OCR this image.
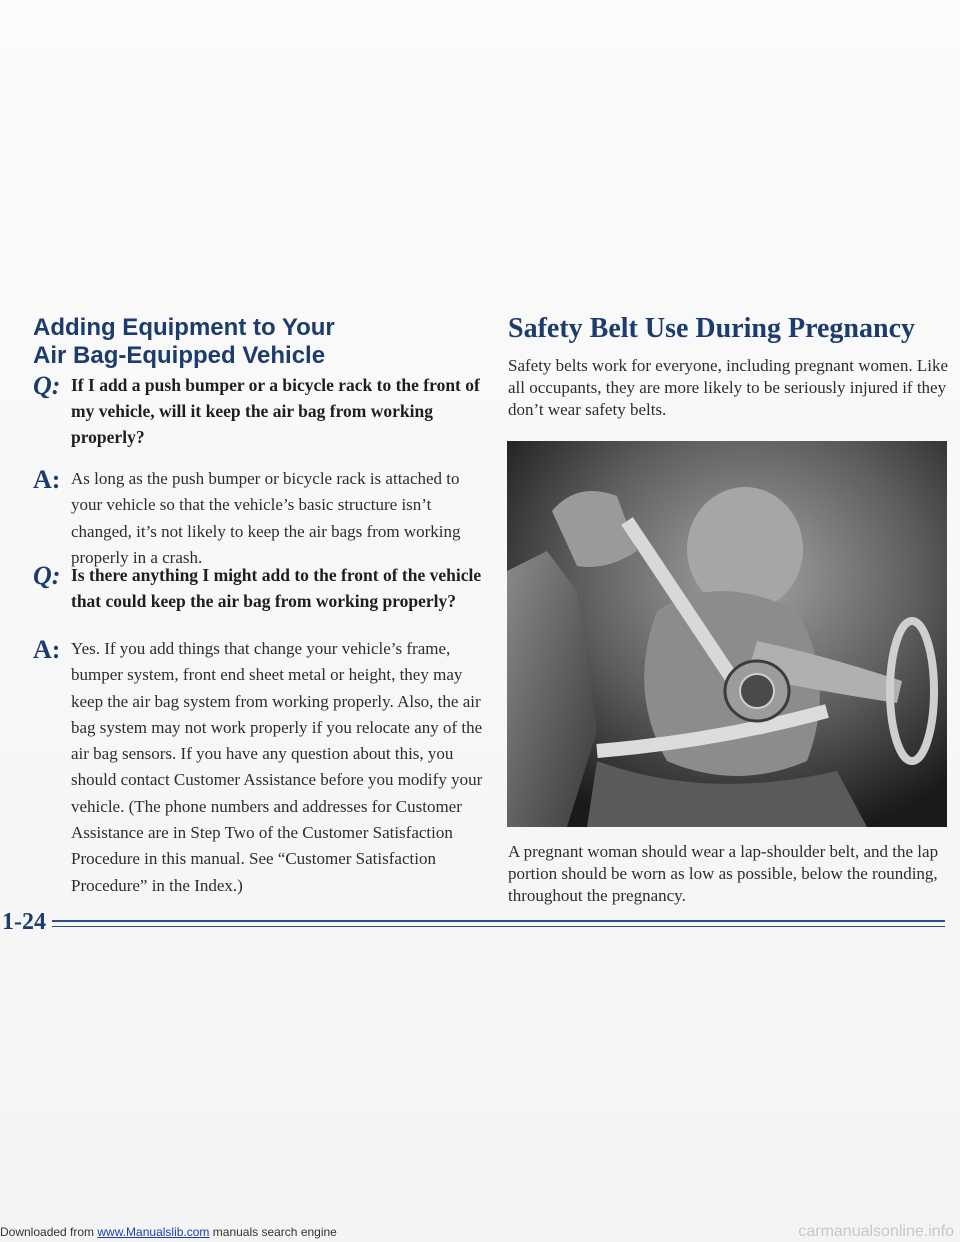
Adding Equipment to Your
Air Bag-Equipped Vehicle
Q: If I add a push bumper or a bicycle rack to the front of my vehicle, will it keep the air bag from working properly?
A: As long as the push bumper or bicycle rack is attached to your vehicle so that the vehicle’s basic structure isn’t changed, it’s not likely to keep the air bags from working properly in a crash.
Q: Is there anything I might add to the front of the vehicle that could keep the air bag from working properly?
A: Yes. If you add things that change your vehicle’s frame, bumper system, front end sheet metal or height, they may keep the air bag system from working properly. Also, the air bag system may not work properly if you relocate any of the air bag sensors. If you have any question about this, you should contact Customer Assistance before you modify your vehicle. (The phone numbers and addresses for Customer Assistance are in Step Two of the Customer Satisfaction Procedure in this manual. See “Customer Satisfaction Procedure” in the Index.)
Safety Belt Use During Pregnancy
Safety belts work for everyone, including pregnant women. Like all occupants, they are more likely to be seriously injured if they don’t wear safety belts.
A pregnant woman should wear a lap-shoulder belt, and the lap portion should be worn as low as possible, below the rounding, throughout the pregnancy.
1-24
Downloaded from www.Manualslib.com manuals search engine	carmanualsonline.info
